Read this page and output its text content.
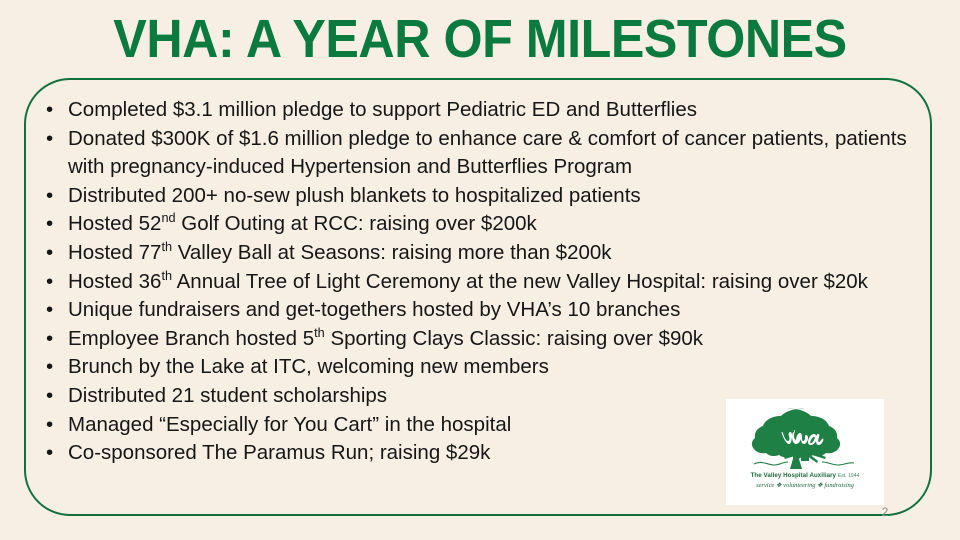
VHA: A YEAR OF MILESTONES
• Completed $3.1 million pledge to support Pediatric ED and Butterflies
• Donated $300K of $1.6 million pledge to enhance care & comfort of cancer patients, patients with pregnancy-induced Hypertension and Butterflies Program
• Distributed 200+ no-sew plush blankets to hospitalized patients
• Hosted 52nd Golf Outing at RCC: raising over $200k
• Hosted 77th Valley Ball at Seasons: raising more than $200k
• Hosted 36th Annual Tree of Light Ceremony at the new Valley Hospital: raising over $20k
• Unique fundraisers and get-togethers hosted by VHA’s 10 branches
• Employee Branch hosted 5th Sporting Clays Classic: raising over $90k
• Brunch by the Lake at ITC, welcoming new members
• Distributed 21 student scholarships
• Managed “Especially for You Cart” in the hospital
• Co-sponsored The Paramus Run; raising $29k
The Valley Hospital Auxiliary Est. 1944
service ❖ volunteering ❖ fundraising
2
